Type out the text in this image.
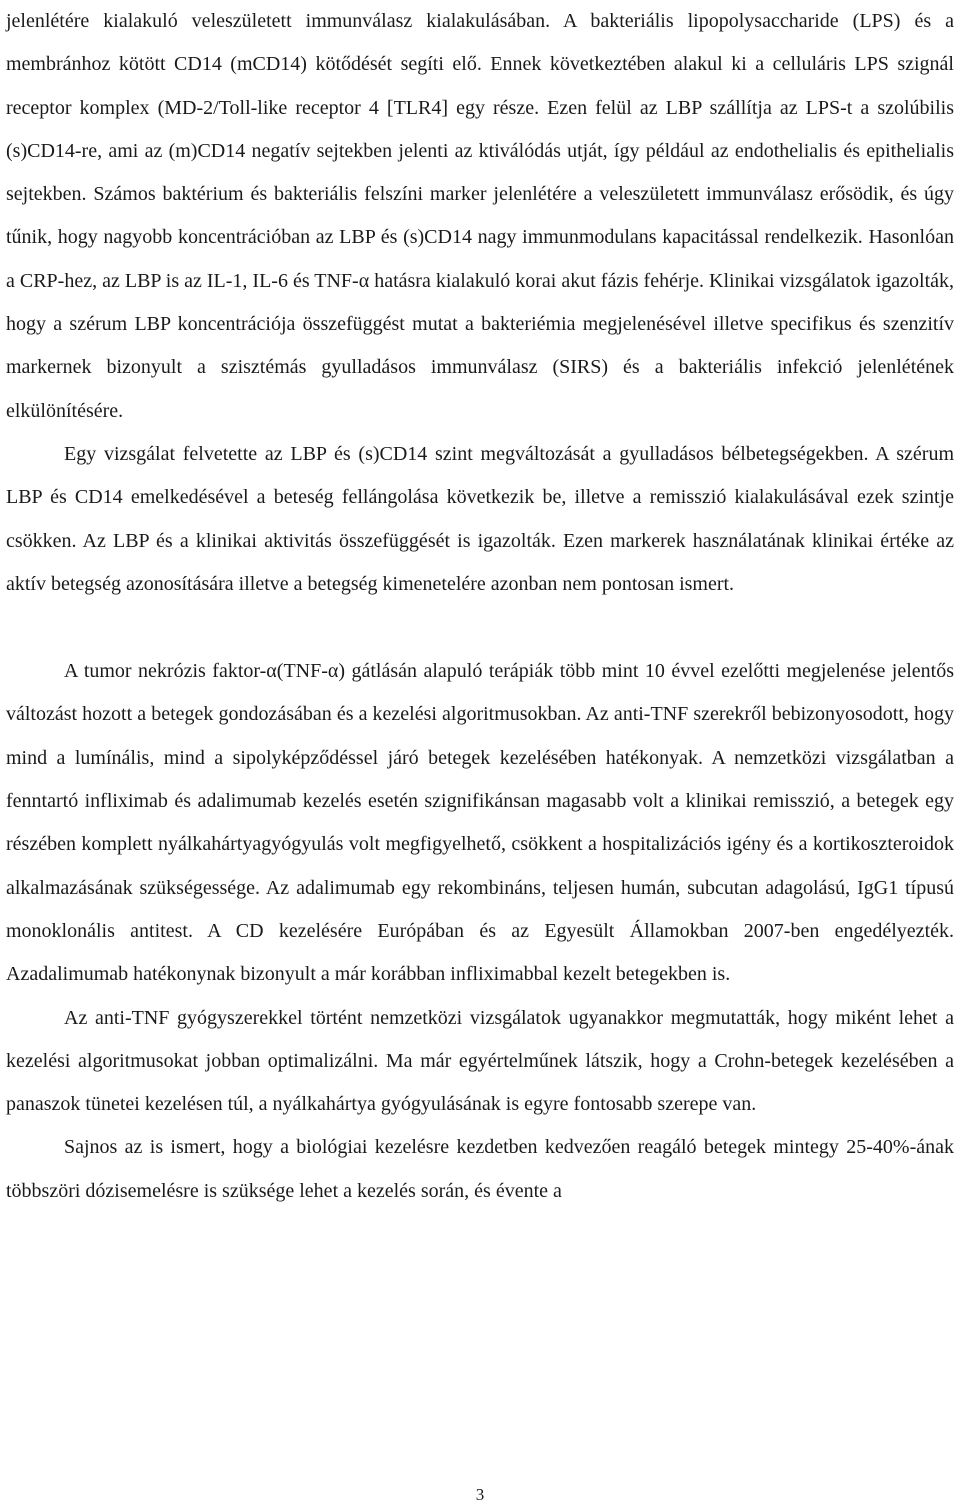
jelenlétére kialakuló veleszületett immunválasz kialakulásában. A bakteriális lipopolysaccharide (LPS) és a membránhoz kötött CD14 (mCD14) kötődését segíti elő. Ennek következtében alakul ki a celluláris LPS szignál receptor komplex (MD-2/Toll-like receptor 4 [TLR4] egy része. Ezen felül az LBP szállítja az LPS-t a szolúbilis (s)CD14-re, ami az (m)CD14 negatív sejtekben jelenti az ktiválódás utját, így például az endothelialis és epithelialis sejtekben. Számos baktérium és bakteriális felszíni marker jelenlétére a veleszületett immunválasz erősödik, és úgy tűnik, hogy nagyobb koncentrációban az LBP és (s)CD14 nagy immunmodulans kapacitással rendelkezik. Hasonlóan a CRP-hez, az LBP is az IL-1, IL-6 és TNF-α hatásra kialakuló korai akut fázis fehérje. Klinikai vizsgálatok igazolták, hogy a szérum LBP koncentrációja összefüggést mutat a bakteriémia megjelenésével illetve specifikus és szenzitív markernek bizonyult a szisztémás gyulladásos immunválasz (SIRS) és a bakteriális infekció jelenlétének elkülönítésére.

Egy vizsgálat felvetette az LBP és (s)CD14 szint megváltozását a gyulladásos bélbetegségekben. A szérum LBP és CD14 emelkedésével a beteség fellángolása következik be, illetve a remisszió kialakulásával ezek szintje csökken. Az LBP és a klinikai aktivitás összefüggését is igazolták. Ezen markerek használatának klinikai értéke az aktív betegség azonosítására illetve a betegség kimenetelére azonban nem pontosan ismert.

A tumor nekrózis faktor-α(TNF-α) gátlásán alapuló terápiák több mint 10 évvel ezelőtti megjelenése jelentős változást hozott a betegek gondozásában és a kezelési algoritmusokban. Az anti-TNF szerekről bebizonyosodott, hogy mind a lumínális, mind a sipolyképződéssel járó betegek kezelésében hatékonyak. A nemzetközi vizsgálatban a fenntartó infliximab és adalimumab kezelés esetén szignifikánsan magasabb volt a klinikai remisszió, a betegek egy részében komplett nyálkahártyagyógyulás volt megfigyelhető, csökkent a hospitalizációs igény és a kortikoszteroidok alkalmazásának szükségessége. Az adalimumab egy rekombináns, teljesen humán, subcutan adagolású, IgG1 típusú monoklonális antitest. A CD kezelésére Európában és az Egyesült Államokban 2007-ben engedélyezték. Azadalimumab hatékonynak bizonyult a már korábban infliximabbal kezelt betegekben is.

Az anti-TNF gyógyszerekkel történt nemzetközi vizsgálatok ugyanakkor megmutatták, hogy miként lehet a kezelési algoritmusokat jobban optimalizálni. Ma már egyértelműnek látszik, hogy a Crohn-betegek kezelésében a panaszok tünetei kezelésen túl, a nyálkahártya gyógyulásának is egyre fontosabb szerepe van.

Sajnos az is ismert, hogy a biológiai kezelésre kezdetben kedvezően reagáló betegek mintegy 25-40%-ának többszöri dózisemelésre is szüksége lehet a kezelés során, és évente a

3
